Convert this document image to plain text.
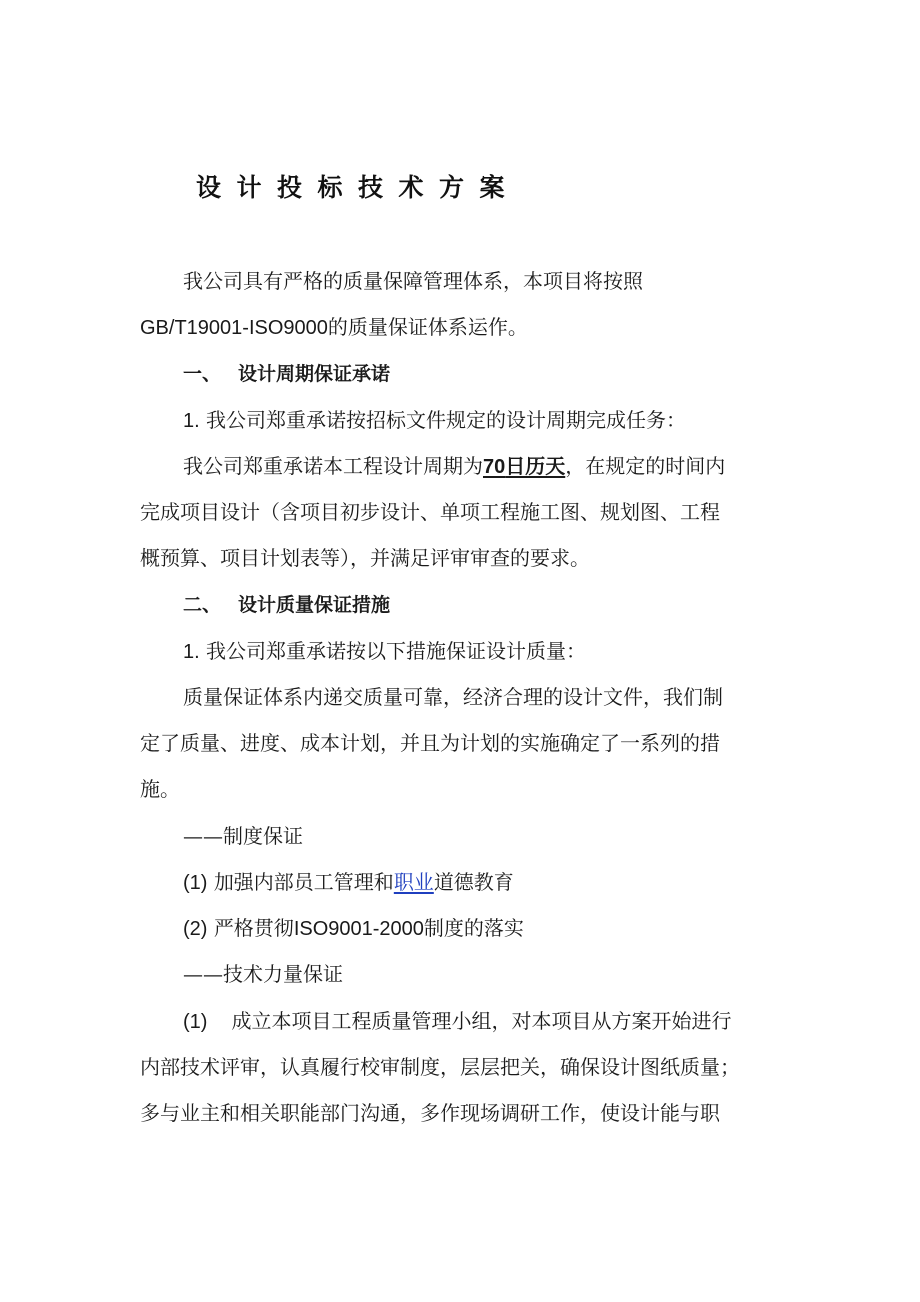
设计投标技术方案
我公司具有严格的质量保障管理体系，本项目将按照
GB/T19001-ISO9000的质量保证体系运作。
一、 设计周期保证承诺
1. 我公司郑重承诺按招标文件规定的设计周期完成任务：
我公司郑重承诺本工程设计周期为70日历天，在规定的时间内
完成项目设计（含项目初步设计、单项工程施工图、规划图、工程
概预算、项目计划表等），并满足评审审查的要求。
二、 设计质量保证措施
1. 我公司郑重承诺按以下措施保证设计质量：
质量保证体系内递交质量可靠，经济合理的设计文件，我们制
定了质量、进度、成本计划，并且为计划的实施确定了一系列的措
施。
——制度保证
(1) 加强内部员工管理和职业道德教育
(2) 严格贯彻ISO9001-2000制度的落实
——技术力量保证
(1) 成立本项目工程质量管理小组，对本项目从方案开始进行
内部技术评审，认真履行校审制度，层层把关，确保设计图纸质量；
多与业主和相关职能部门沟通，多作现场调研工作，使设计能与职
